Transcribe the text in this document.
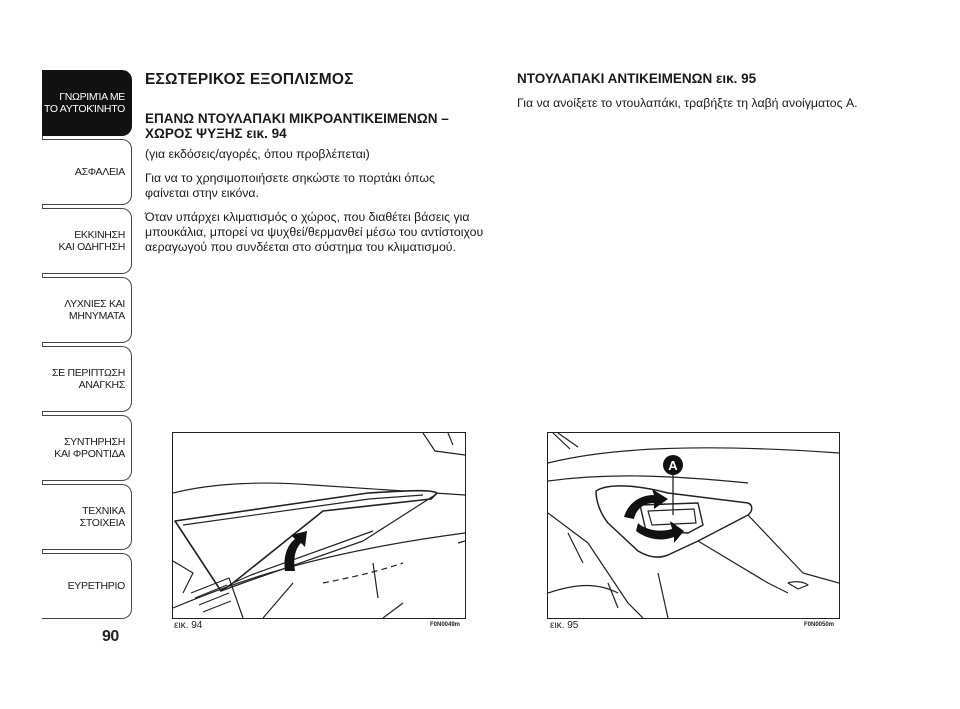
ΓΝΩΡΙΜΊΑ ΜΕ
ΤΟ ΑΥΤΟΚΊΝΗΤΟ
ΑΣΦΑΛΕΙΑ
ΕΚΚΙΝΗΣΗ
ΚΑΙ ΟΔΗΓΗΣΗ
ΛΥΧΝΙΕΣ ΚΑΙ
ΜΗΝΥΜΑΤΑ
ΣΕ ΠΕΡΙΠΤΩΣΗ
ΑΝΑΓΚΗΣ
ΣΥΝΤΗΡΗΣΗ
ΚΑΙ ΦΡΟΝΤΙΔΑ
ΤΕΧΝΙΚΑ
ΣΤΟΙΧΕΙΑ
ΕΥΡΕΤΗΡΙΟ
90
ΕΣΩΤΕΡΙΚΟΣ ΕΞΟΠΛΙΣΜΟΣ
ΕΠΑΝΩ ΝΤΟΥΛΑΠΑΚΙ ΜΙΚΡΟΑΝΤΙΚΕΙΜΕΝΩΝ – ΧΩΡΟΣ ΨΥΞΗΣ εικ. 94
(για εκδόσεις/αγορές, όπου προβλέπεται)
Για να το χρησιμοποιήσετε σηκώστε το πορτάκι όπως φαίνεται στην εικόνα.
Όταν υπάρχει κλιματισμός ο χώρος, που διαθέτει βάσεις για μπουκάλια, μπορεί να ψυχθεί/θερμανθεί μέσω του αντίστοιχου αεραγωγού που συνδέεται στο σύστημα του κλιματισμού.
ΝΤΟΥΛΑΠΑΚΙ ΑΝΤΙΚΕΙΜΕΝΩΝ εικ. 95
Για να ανοίξετε το ντουλαπάκι, τραβήξτε τη λαβή ανοίγματος A.
εικ. 94	F0N0049m
A
εικ. 95	F0N0050m
